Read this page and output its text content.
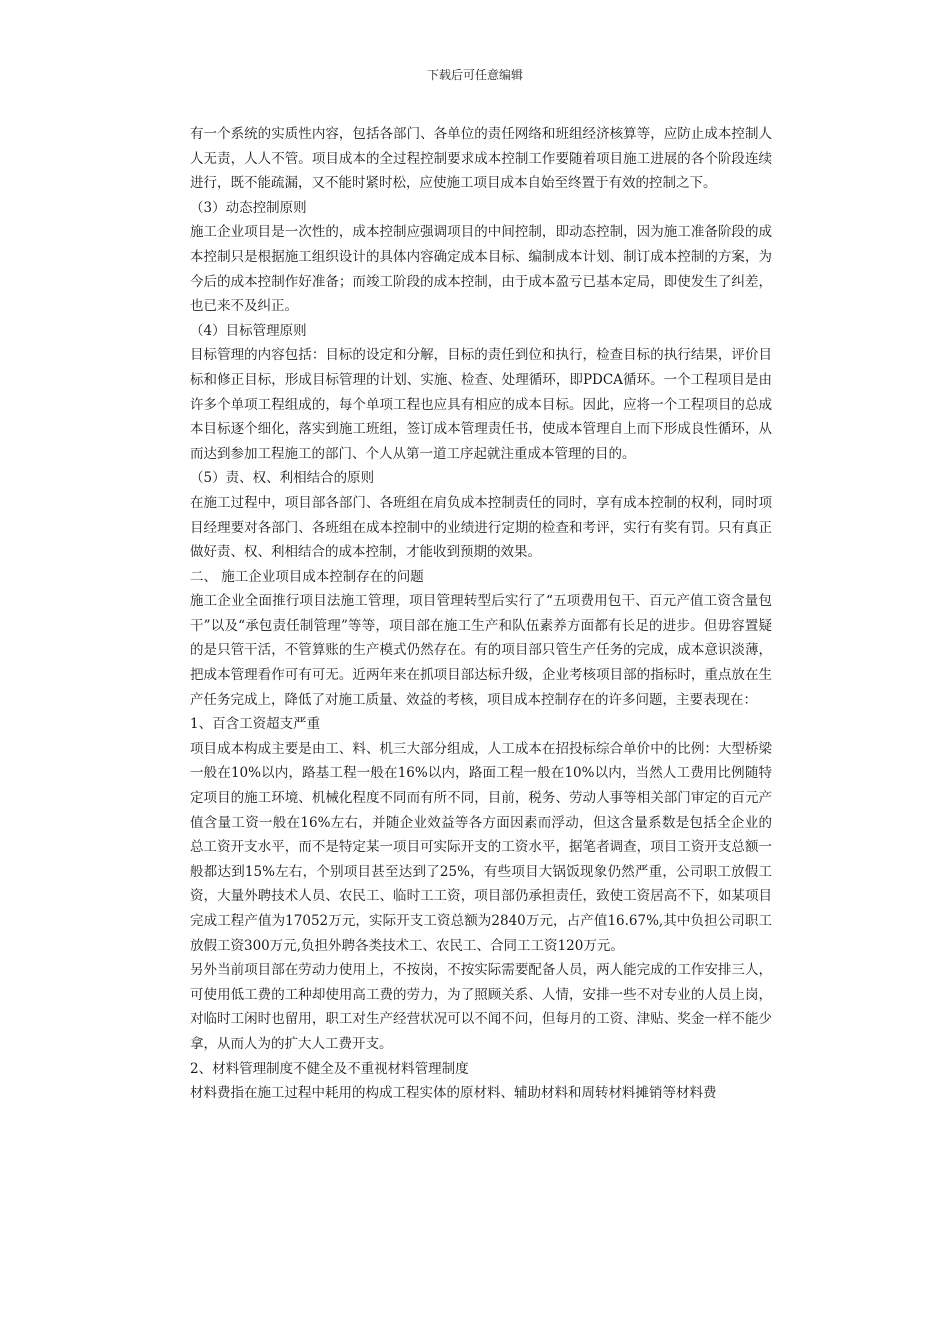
下载后可任意编辑

有一个系统的实质性内容，包括各部门、各单位的责任网络和班组经济核算等，应防止成本控制人人无责，人人不管。项目成本的全过程控制要求成本控制工作要随着项目施工进展的各个阶段连续进行，既不能疏漏，又不能时紧时松，应使施工项目成本自始至终置于有效的控制之下。

（3）动态控制原则

施工企业项目是一次性的，成本控制应强调项目的中间控制，即动态控制，因为施工准备阶段的成本控制只是根据施工组织设计的具体内容确定成本目标、编制成本计划、制订成本控制的方案，为今后的成本控制作好准备；而竣工阶段的成本控制，由于成本盈亏已基本定局，即使发生了纠差，也已来不及纠正。

（4）目标管理原则

目标管理的内容包括：目标的设定和分解，目标的责任到位和执行，检查目标的执行结果，评价目标和修正目标，形成目标管理的计划、实施、检查、处理循环，即PDCA循环。一个工程项目是由许多个单项工程组成的，每个单项工程也应具有相应的成本目标。因此，应将一个工程项目的总成本目标逐个细化，落实到施工班组，签订成本管理责任书，使成本管理自上而下形成良性循环，从而达到参加工程施工的部门、个人从第一道工序起就注重成本管理的目的。

（5）责、权、利相结合的原则

在施工过程中，项目部各部门、各班组在肩负成本控制责任的同时，享有成本控制的权利，同时项目经理要对各部门、各班组在成本控制中的业绩进行定期的检查和考评，实行有奖有罚。只有真正做好责、权、利相结合的成本控制，才能收到预期的效果。

二、 施工企业项目成本控制存在的问题

施工企业全面推行项目法施工管理，项目管理转型后实行了“五项费用包干、百元产值工资含量包干”以及“承包责任制管理”等等，项目部在施工生产和队伍素养方面都有长足的进步。但毋容置疑的是只管干活，不管算账的生产模式仍然存在。有的项目部只管生产任务的完成，成本意识淡薄，把成本管理看作可有可无。近两年来在抓项目部达标升级，企业考核项目部的指标时，重点放在生产任务完成上，降低了对施工质量、效益的考核，项目成本控制存在的许多问题，主要表现在：

1、百含工资超支严重

项目成本构成主要是由工、料、机三大部分组成，人工成本在招投标综合单价中的比例：大型桥梁一般在10%以内，路基工程一般在16%以内，路面工程一般在10%以内，当然人工费用比例随特定项目的施工环境、机械化程度不同而有所不同，目前，税务、劳动人事等相关部门审定的百元产值含量工资一般在16%左右，并随企业效益等各方面因素而浮动，但这含量系数是包括全企业的总工资开支水平，而不是特定某一项目可实际开支的工资水平，据笔者调查，项目工资开支总额一般都达到15%左右，个别项目甚至达到了25%，有些项目大锅饭现象仍然严重，公司职工放假工资，大量外聘技术人员、农民工、临时工工资，项目部仍承担责任，致使工资居高不下，如某项目完成工程产值为17052万元，实际开支工资总额为2840万元，占产值16.67%,其中负担公司职工放假工资300万元,负担外聘各类技术工、农民工、合同工工资120万元。

另外当前项目部在劳动力使用上，不按岗，不按实际需要配备人员，两人能完成的工作安排三人，可使用低工费的工种却使用高工费的劳力，为了照顾关系、人情，安排一些不对专业的人员上岗，对临时工闲时也留用，职工对生产经营状况可以不闻不问，但每月的工资、津贴、奖金一样不能少拿，从而人为的扩大人工费开支。

2、材料管理制度不健全及不重视材料管理制度

材料费指在施工过程中耗用的构成工程实体的原材料、辅助材料和周转材料摊销等材料费
